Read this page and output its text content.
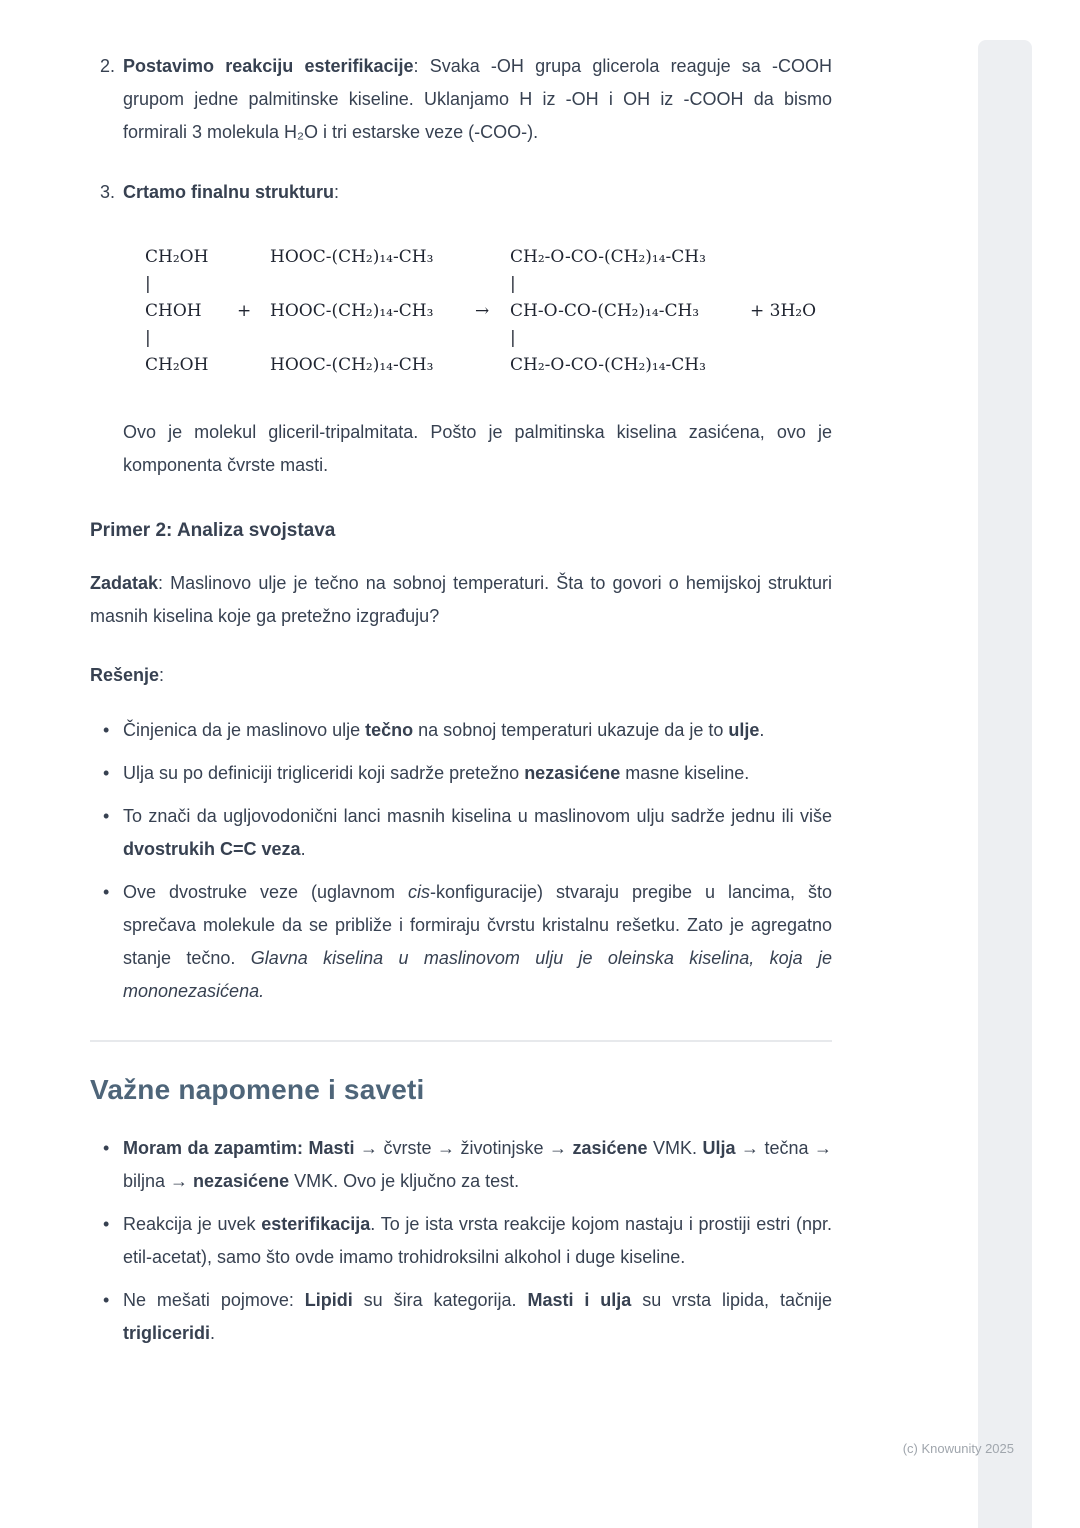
2. Postavimo reakciju esterifikacije: Svaka -OH grupa glicerola reaguje sa -COOH grupom jedne palmitinske kiseline. Uklanjamo H iz -OH i OH iz -COOH da bismo formirali 3 molekula H₂O i tri estarske veze (-COO-).
3. Crtamo finalnu strukturu:
CH₂OH	HOOC-(CH₂)₁₄-CH₃	CH₂-O-CO-(CH₂)₁₄-CH₃
|	|
CHOH	+	HOOC-(CH₂)₁₄-CH₃	→	CH-O-CO-(CH₂)₁₄-CH₃	+ 3H₂O
|	|
CH₂OH	HOOC-(CH₂)₁₄-CH₃	CH₂-O-CO-(CH₂)₁₄-CH₃
Ovo je molekul gliceril-tripalmitata. Pošto je palmitinska kiselina zasićena, ovo je komponenta čvrste masti.
Primer 2: Analiza svojstava
Zadatak: Maslinovo ulje je tečno na sobnoj temperaturi. Šta to govori o hemijskoj strukturi masnih kiselina koje ga pretežno izgrađuju?
Rešenje:
•
Činjenica da je maslinovo ulje tečno na sobnoj temperaturi ukazuje da je to ulje.
•
Ulja su po definiciji trigliceridi koji sadrže pretežno nezasićene masne kiseline.
•
To znači da ugljovodonični lanci masnih kiselina u maslinovom ulju sadrže jednu ili više dvostrukih C=C veza.
•
Ove dvostruke veze (uglavnom cis-konfiguracije) stvaraju pregibe u lancima, što sprečava molekule da se približe i formiraju čvrstu kristalnu rešetku. Zato je agregatno stanje tečno. Glavna kiselina u maslinovom ulju je oleinska kiselina, koja je mononezasićena.
Važne napomene i saveti
•
Moram da zapamtim: Masti → čvrste → životinjske → zasićene VMK. Ulja → tečna → biljna → nezasićene VMK. Ovo je ključno za test.
•
Reakcija je uvek esterifikacija. To je ista vrsta reakcije kojom nastaju i prostiji estri (npr. etil-acetat), samo što ovde imamo trohidroksilni alkohol i duge kiseline.
•
Ne mešati pojmove: Lipidi su šira kategorija. Masti i ulja su vrsta lipida, tačnije trigliceridi.
(c) Knowunity 2025
